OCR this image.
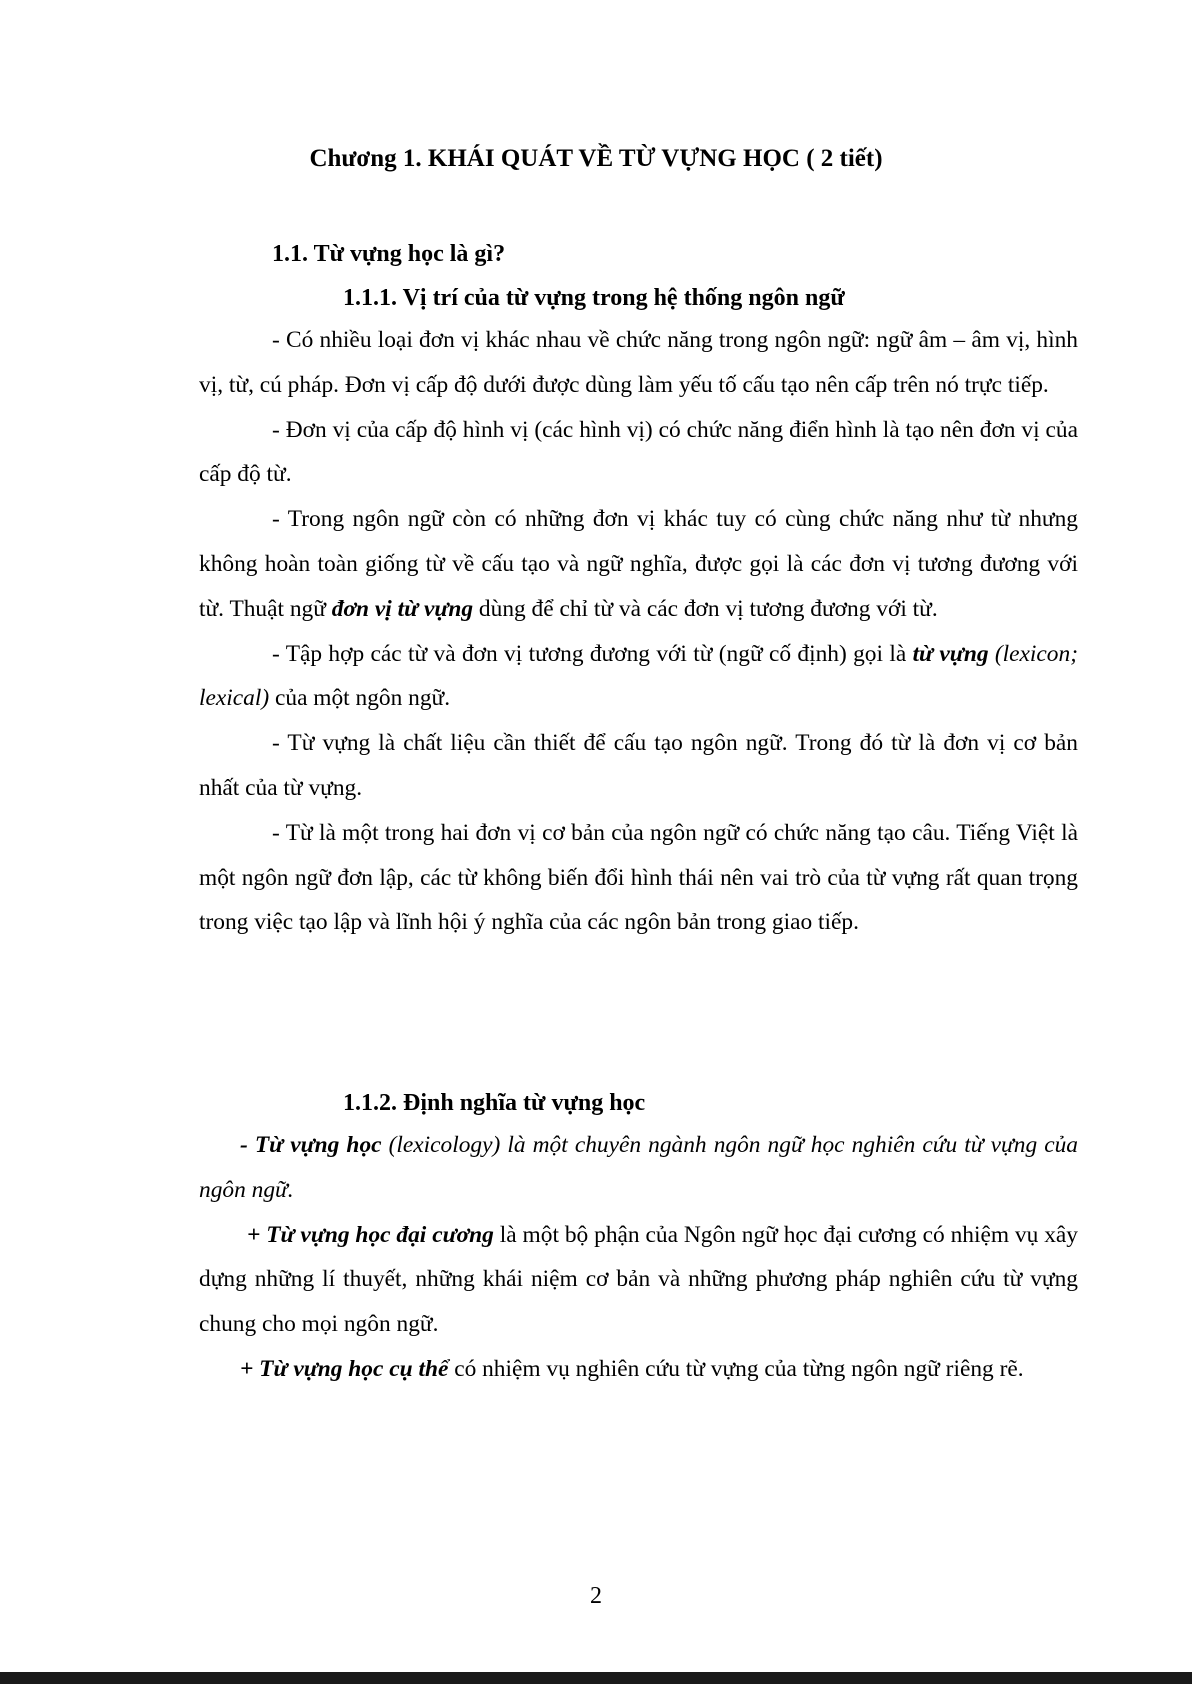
Chương 1. KHÁI QUÁT VỀ TỪ VỰNG HỌC ( 2 tiết)
1.1. Từ vựng học là gì?
1.1.1. Vị trí của từ vựng trong hệ thống ngôn ngữ

- Có nhiều loại đơn vị khác nhau về chức năng trong ngôn ngữ: ngữ âm – âm vị, hình vị, từ, cú pháp. Đơn vị cấp độ dưới được dùng làm yếu tố cấu tạo nên cấp trên nó trực tiếp.

- Đơn vị của cấp độ hình vị (các hình vị) có chức năng điển hình là tạo nên đơn vị của cấp độ từ.

- Trong ngôn ngữ còn có những đơn vị khác tuy có cùng chức năng như từ nhưng không hoàn toàn giống từ về cấu tạo và ngữ nghĩa, được gọi là các đơn vị tương đương với từ. Thuật ngữ đơn vị từ vựng dùng để chỉ từ và các đơn vị tương đương với từ.

- Tập hợp các từ và đơn vị tương đương với từ (ngữ cố định) gọi là từ vựng (lexicon; lexical) của một ngôn ngữ.

- Từ vựng là chất liệu cần thiết để cấu tạo ngôn ngữ. Trong đó từ là đơn vị cơ bản nhất của từ vựng.

- Từ là một trong hai đơn vị cơ bản của ngôn ngữ có chức năng tạo câu. Tiếng Việt là một ngôn ngữ đơn lập, các từ không biến đổi hình thái nên vai trò của từ vựng rất quan trọng trong việc tạo lập và lĩnh hội ý nghĩa của các ngôn bản trong giao tiếp.

1.1.2. Định nghĩa từ vựng học

- Từ vựng học (lexicology) là một chuyên ngành ngôn ngữ học nghiên cứu từ vựng của ngôn ngữ.

+ Từ vựng học đại cương là một bộ phận của Ngôn ngữ học đại cương có nhiệm vụ xây dựng những lí thuyết, những khái niệm cơ bản và những phương pháp nghiên cứu từ vựng chung cho mọi ngôn ngữ.

+ Từ vựng học cụ thể có nhiệm vụ nghiên cứu từ vựng của từng ngôn ngữ riêng rẽ.

2
